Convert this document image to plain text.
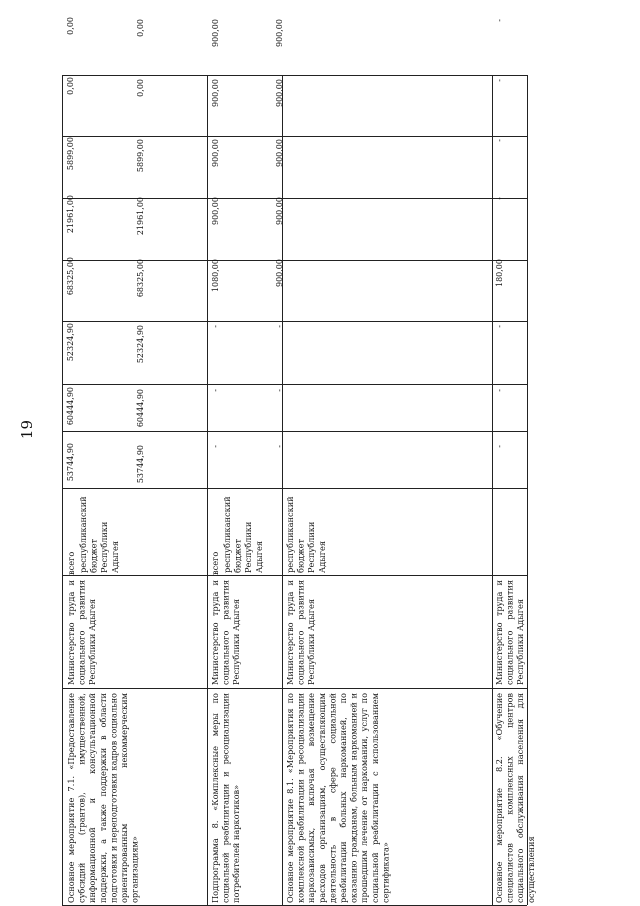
19
Основное мероприятие 7.1. «Предоставление субсидий (грантов), имущественной, информационной и консультационной поддержки, а также поддержки в области подготовки и переподготовки кадров социально ориентированным некоммерческим организациям»
Министерство труда и социального развития Республики Адыгея
всего республиканский бюджет Республики Адыгея
Подпрограмма 8. «Комплексные меры по социальной реабилитации и ресоциализации потребителей наркотиков»
Министерство труда и социального развития Республики Адыгея
всего республиканский бюджет Республики Адыгея
Основное мероприятие 8.1. «Мероприятия по комплексной реабилитации и ресоциализации наркозависимых, включая возмещение расходов организациям, осуществляющим деятельность в сфере социальной реабилитации больных наркоманией, по оказанию гражданам, больным наркоманией и прошедшим лечение от наркомании, услуг по социальной реабилитации с использованием сертификата»
Министерство труда и социального развития Республики Адыгея
республиканский бюджет Республики Адыгея
Основное мероприятие 8.2. «Обучение специалистов комплексных центров социального обслуживания населения для осуществления
Министерство труда и социального развития Республики Адыгея
53744,90
60444,90
52324,90
68325,00
21961,00
5899,00
0,00
0,00
53744,90
60444,90
52324,90
68325,00
21961,00
5899,00
0,00
0,00
-
-
-
1080,00
900,00
900,00
900,00
900,00
-
-
-
900,00
900,00
900,00
900,00
900,00
-
-
-
180,00
-
-
-
-
